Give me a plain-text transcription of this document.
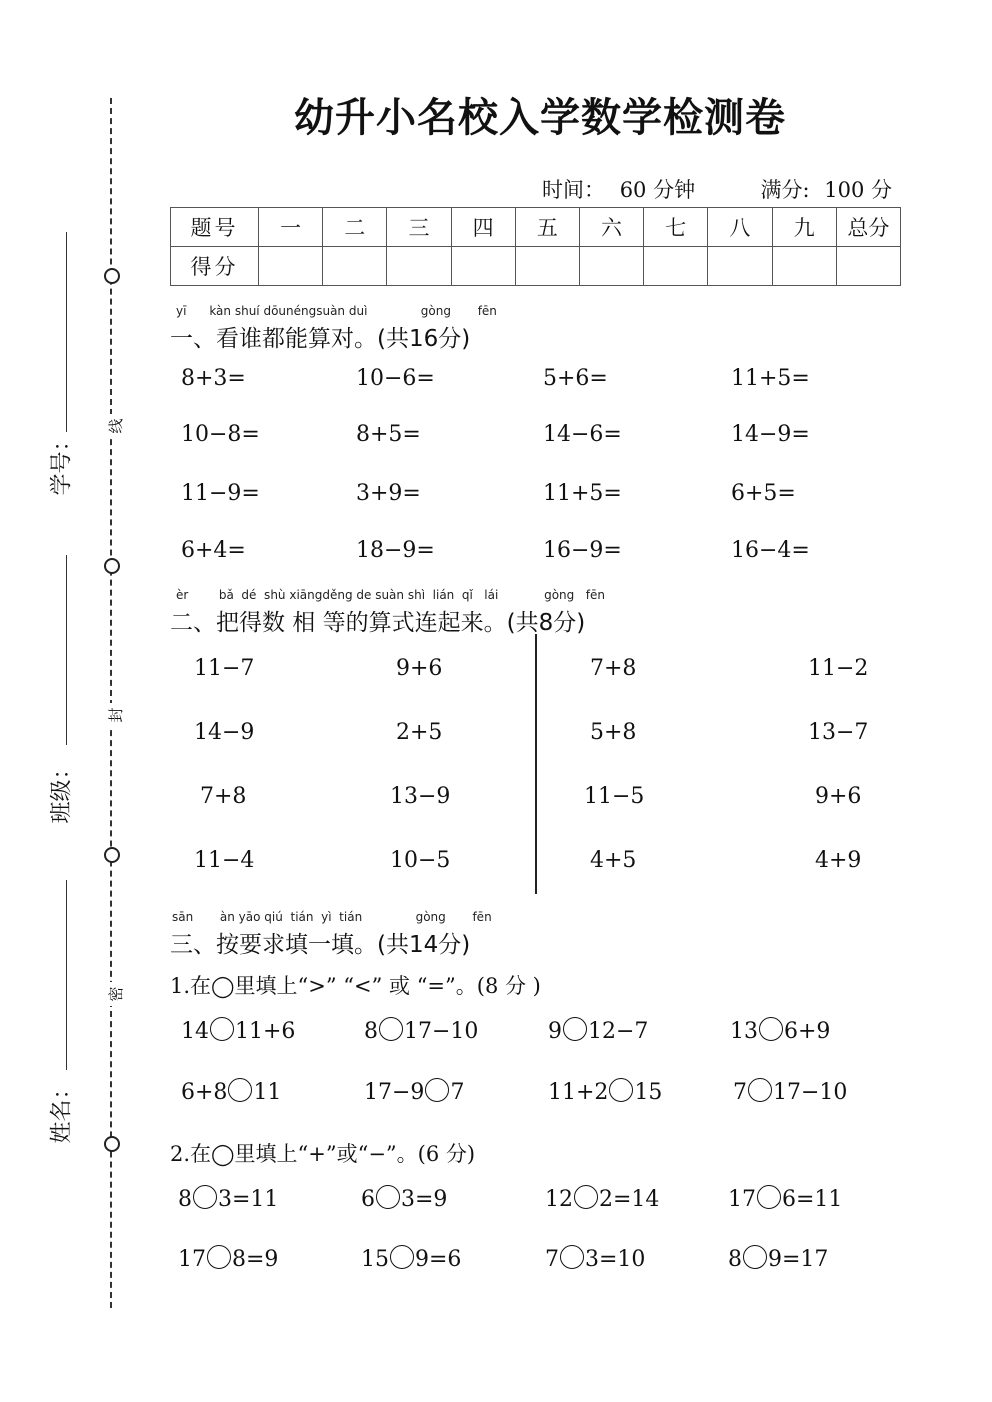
幼升小名校入学数学检测卷
时间： 60 分钟	满分: 100 分
题号	一	二	三	四	五	六	七	八	九	总分
得分										
线
封
密
学号：
班级：
姓名：
yī      kàn shuí dōunéngsuàn duì              gòng       fēn
一、看谁都能算对。(共16分)
8+3=	10−6=	5+6=	11+5=
10−8=	8+5=	14−6=	14−9=
11−9=	3+9=	11+5=	6+5=
6+4=	18−9=	16−9=	16−4=
èr        bǎ  dé  shù xiāngděng de suàn shì  lián  qǐ   lái            gòng   fēn
二、把得数 相 等的算式连起来。(共8分)
11−7	9+6	7+8	11−2
14−9	2+5	5+8	13−7
7+8	13−9	11−5	9+6
11−4	10−5	4+5	4+9
sān       àn yāo qiú  tián  yì  tián              gòng       fēn
三、按要求填一填。(共14分)
1.在◯里填上“>” “<” 或 “=”。(8 分 )
14 11+6	8 17−10	9 12−7	13 6+9
6+8 11	17−9 7	11+2 15	7 17−10
2.在◯里填上“+”或“−”。(6 分)
8 3=11	6 3=9	12 2=14	17 6=11
17 8=9	15 9=6	7 3=10	8 9=17
